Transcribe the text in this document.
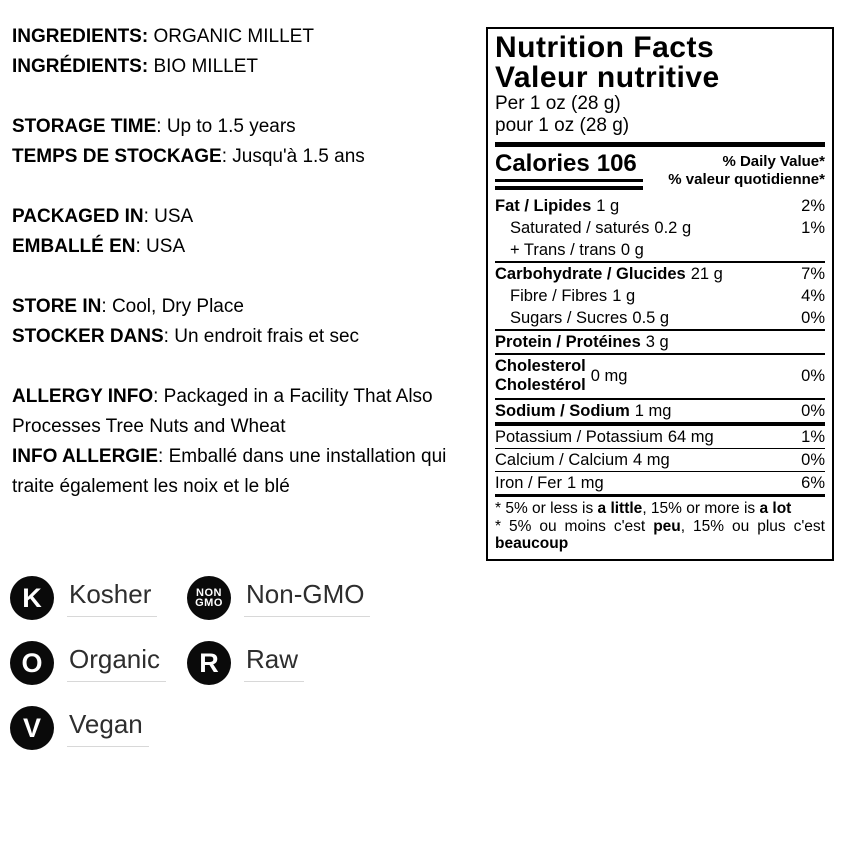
INGREDIENTS: ORGANIC MILLET
INGRÉDIENTS: BIO MILLET
STORAGE TIME: Up to 1.5 years
TEMPS DE STOCKAGE: Jusqu'à 1.5 ans
PACKAGED IN: USA
EMBALLÉ EN: USA
STORE IN: Cool, Dry Place
STOCKER DANS: Un endroit frais et sec
ALLERGY INFO: Packaged in a Facility That Also Processes Tree Nuts and Wheat
INFO ALLERGIE: Emballé dans une installation qui traite également les noix et le blé
Nutrition Facts
Valeur nutritive
Per 1 oz (28 g)
pour 1 oz (28 g)
Calories 106	% Daily Value*
% valeur quotidienne*
Fat / Lipides 1 g	2%
Saturated / saturés 0.2 g	1%
+ Trans / trans 0 g
Carbohydrate / Glucides 21 g	7%
Fibre / Fibres 1 g	4%
Sugars / Sucres 0.5 g	0%
Protein / Protéines 3 g
Cholesterol
Cholestérol
0 mg	0%
Sodium / Sodium 1 mg	0%
Potassium / Potassium 64 mg	1%
Calcium / Calcium 4 mg	0%
Iron / Fer 1 mg	6%

* 5% or less is a little, 15% or more is a lot

* 5% ou moins c'est peu, 15% ou plus c'est beaucoup

K Kosher	NON
GMO Non-GMO
O Organic R Raw
V Vegan
